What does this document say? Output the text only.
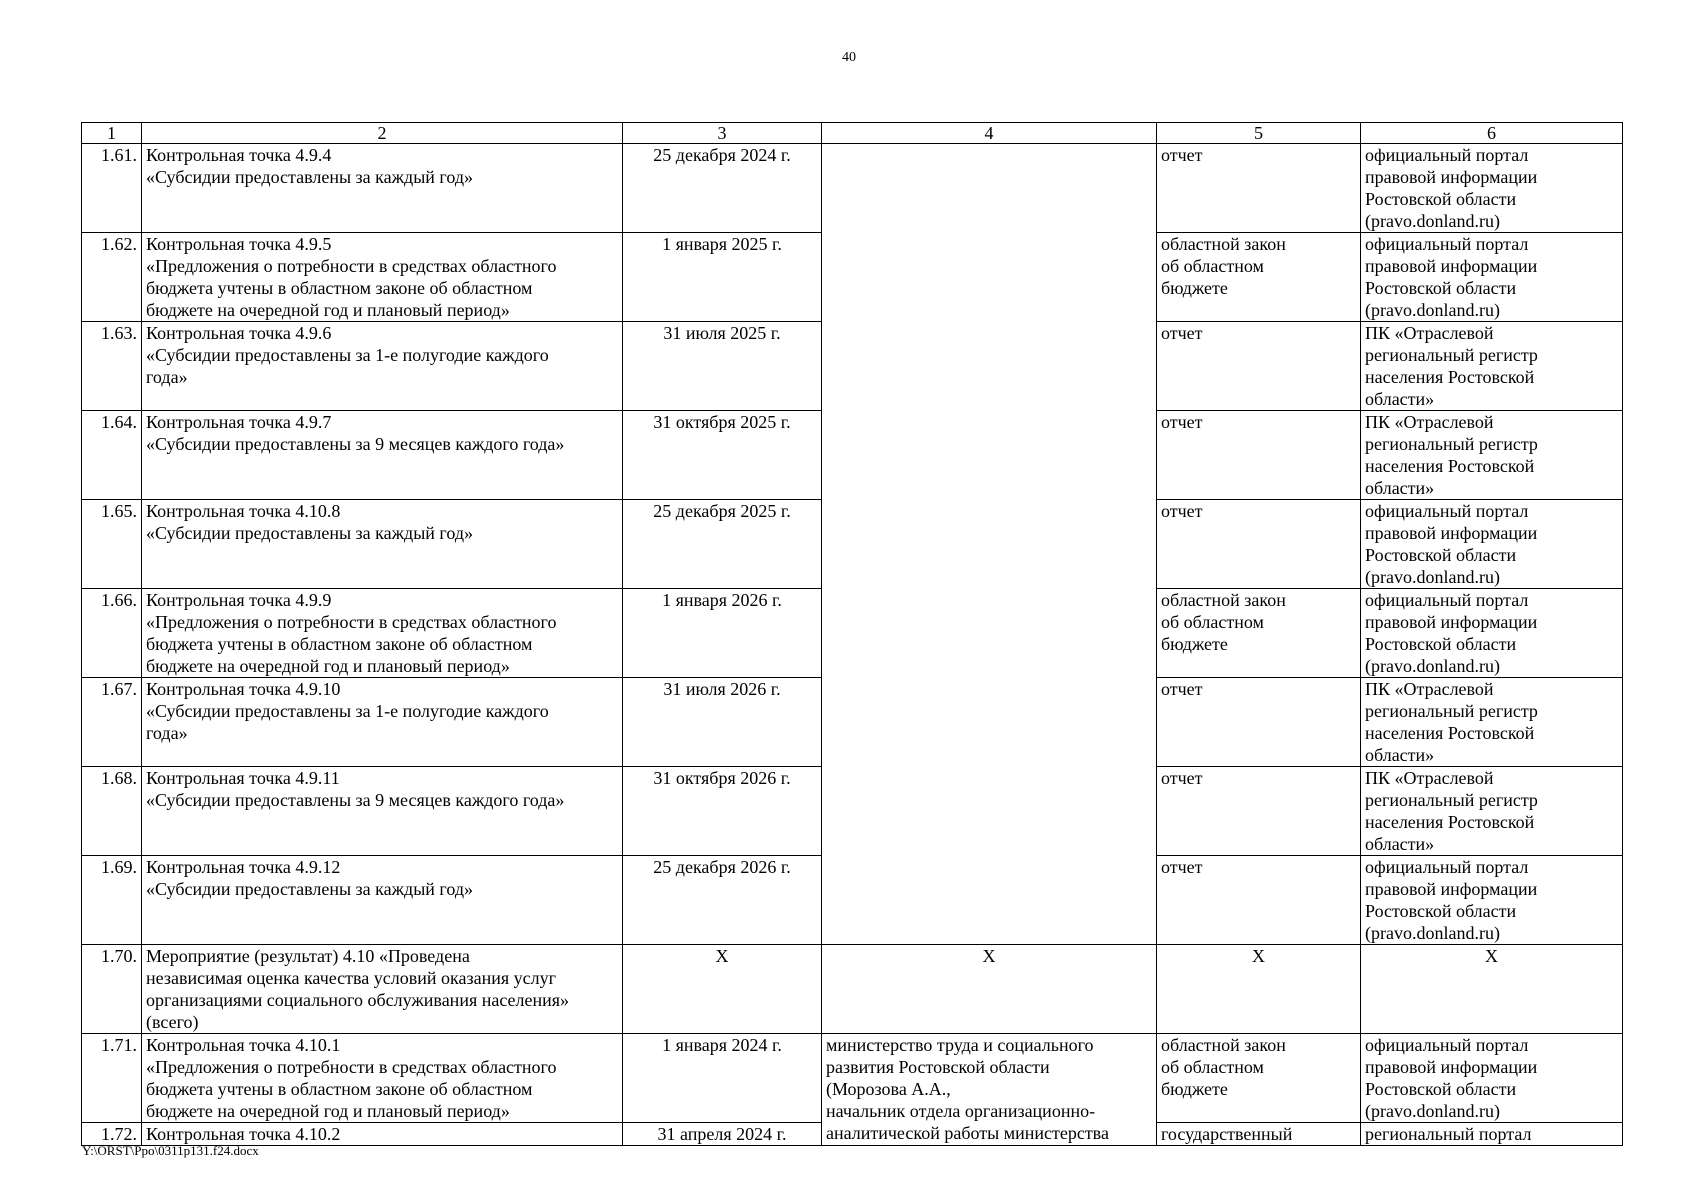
40
1	2	3	4	5	6
1.61.	Контрольная точка 4.9.4
«Субсидии предоставлены за каждый год»	25 декабря 2024 г.		отчет	официальный портал
правовой информации
Ростовской области
(pravo.donland.ru)
1.62.	Контрольная точка 4.9.5
«Предложения о потребности в средствах областного
бюджета учтены в областном законе об областном
бюджете на очередной год и плановый период»	1 января 2025 г.		областной закон
об областном
бюджете	официальный портал
правовой информации
Ростовской области
(pravo.donland.ru)
1.63.	Контрольная точка 4.9.6
«Субсидии предоставлены за 1-е полугодие каждого
года»	31 июля 2025 г.		отчет	ПК «Отраслевой
региональный регистр
населения Ростовской
области»
1.64.	Контрольная точка 4.9.7
«Субсидии предоставлены за 9 месяцев каждого года»	31 октября 2025 г.		отчет	ПК «Отраслевой
региональный регистр
населения Ростовской
области»
1.65.	Контрольная точка 4.10.8
«Субсидии предоставлены за каждый год»	25 декабря 2025 г.		отчет	официальный портал
правовой информации
Ростовской области
(pravo.donland.ru)
1.66.	Контрольная точка 4.9.9
«Предложения о потребности в средствах областного
бюджета учтены в областном законе об областном
бюджете на очередной год и плановый период»	1 января 2026 г.		областной закон
об областном
бюджете	официальный портал
правовой информации
Ростовской области
(pravo.donland.ru)
1.67.	Контрольная точка 4.9.10
«Субсидии предоставлены за 1-е полугодие каждого
года»	31 июля 2026 г.		отчет	ПК «Отраслевой
региональный регистр
населения Ростовской
области»
1.68.	Контрольная точка 4.9.11
«Субсидии предоставлены за 9 месяцев каждого года»	31 октября 2026 г.		отчет	ПК «Отраслевой
региональный регистр
населения Ростовской
области»
1.69.	Контрольная точка 4.9.12
«Субсидии предоставлены за каждый год»	25 декабря 2026 г.		отчет	официальный портал
правовой информации
Ростовской области
(pravo.donland.ru)
1.70.	Мероприятие (результат) 4.10 «Проведена
независимая оценка качества условий оказания услуг
организациями социального обслуживания населения»
(всего)	X	X	X	X
1.71.	Контрольная точка 4.10.1
«Предложения о потребности в средствах областного
бюджета учтены в областном законе об областном
бюджете на очередной год и плановый период»	1 января 2024 г.	министерство труда и социального
развития Ростовской области
(Морозова А.А.,
начальник отдела организационно-
аналитической работы министерства	областной закон
об областном
бюджете	официальный портал
правовой информации
Ростовской области
(pravo.donland.ru)
1.72.	Контрольная точка 4.10.2	31 апреля 2024 г.		государственный	региональный портал
Y:\ORST\Ppo\0311p131.f24.docx
